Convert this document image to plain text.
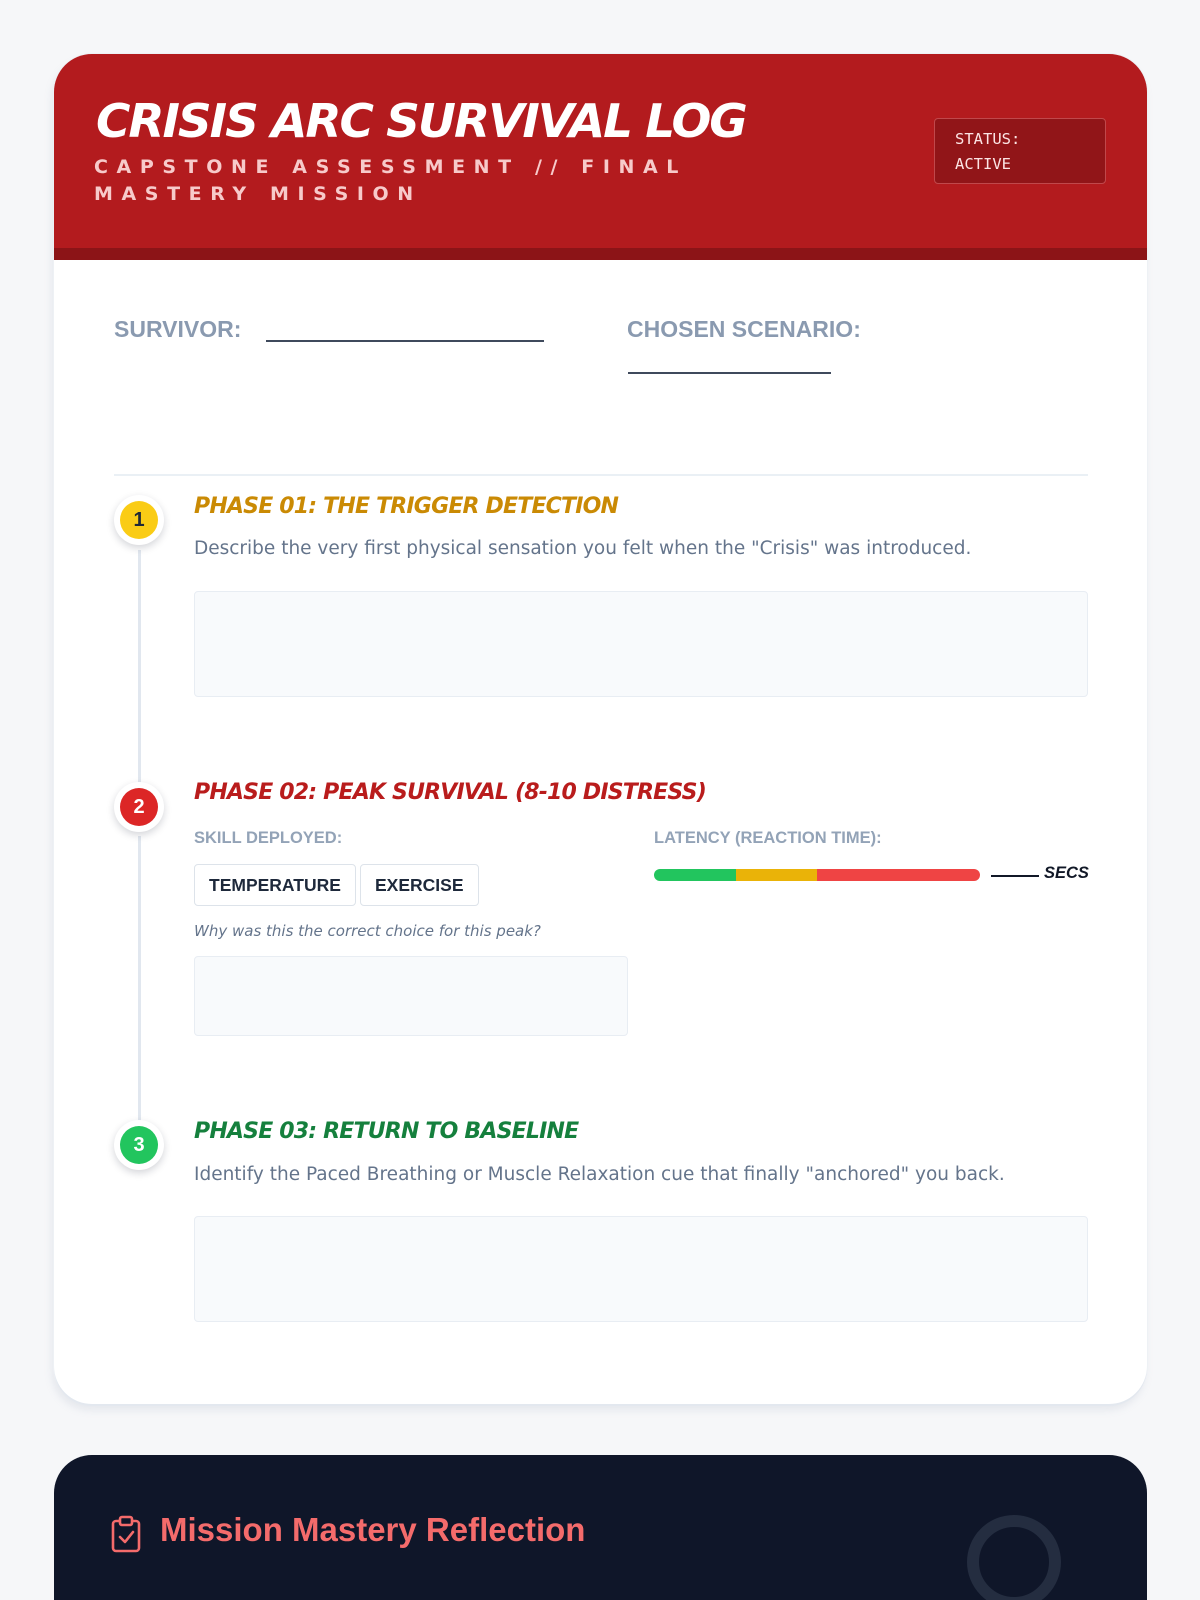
CRISIS ARC SURVIVAL LOG
CAPSTONE ASSESSMENT // FINAL MASTERY MISSION
STATUS:
ACTIVE
SURVIVOR:	CHOSEN SCENARIO:
1
PHASE 01: THE TRIGGER DETECTION
Describe the very first physical sensation you felt when the "Crisis" was introduced.
2
PHASE 02: PEAK SURVIVAL (8-10 DISTRESS)
SKILL DEPLOYED:
TEMPERATURE	EXERCISE
Why was this the correct choice for this peak?
LATENCY (REACTION TIME):
SECS
3
PHASE 03: RETURN TO BASELINE
Identify the Paced Breathing or Muscle Relaxation cue that finally "anchored" you back.
Mission Mastery Reflection
